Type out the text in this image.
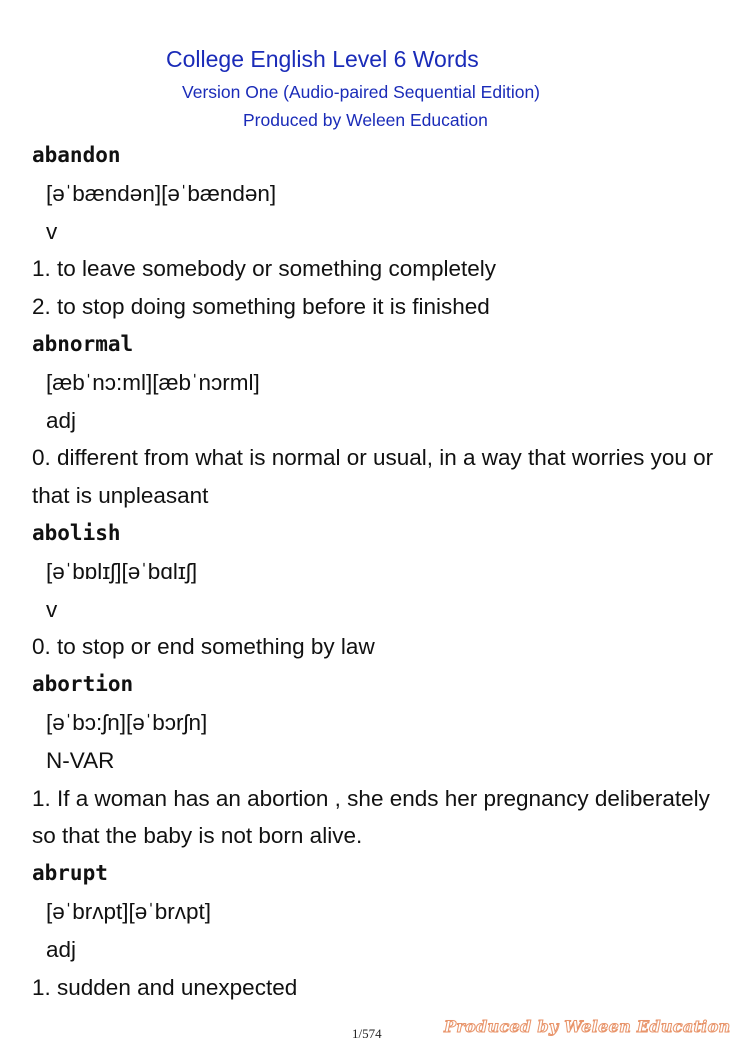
College English Level 6 Words
Version One (Audio-paired Sequential Edition)
Produced by Weleen Education
abandon
[əˈbændən][əˈbændən]
v
1. to leave somebody or something completely
2. to stop doing something before it is finished
abnormal
[æbˈnɔ:ml][æbˈnɔrml]
adj
0. different from what is normal or usual, in a way that worries you or that is unpleasant
abolish
[əˈbɒlɪʃ][əˈbɑlɪʃ]
v
0. to stop or end something by law
abortion
[əˈbɔ:ʃn][əˈbɔrʃn]
N-VAR
1. If a woman has an abortion , she ends her pregnancy deliberately so that the baby is not born alive.
abrupt
[əˈbrʌpt][əˈbrʌpt]
adj
1. sudden and unexpected
1/574	Produced by Weleen Education
